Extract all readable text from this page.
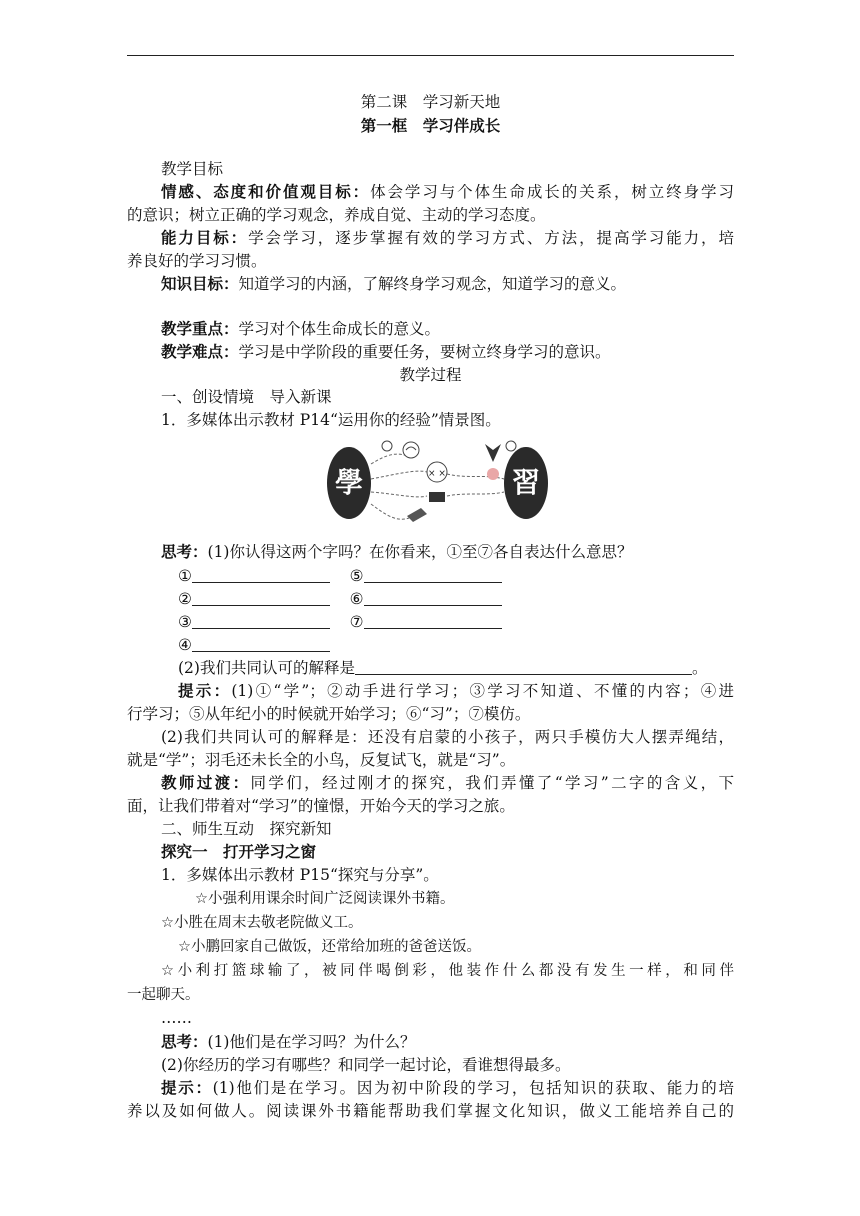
第二课　学习新天地
第一框　学习伴成长
教学目标
情感、态度和价值观目标：体会学习与个体生命成长的关系，树立终身学习
的意识；树立正确的学习观念，养成自觉、主动的学习态度。
能力目标：学会学习，逐步掌握有效的学习方式、方法，提高学习能力，培
养良好的学习习惯。
知识目标：知道学习的内涵，了解终身学习观念，知道学习的意义。
教学重点：学习对个体生命成长的意义。
教学难点：学习是中学阶段的重要任务，要树立终身学习的意识。
教学过程
一、创设情境　导入新课
1．多媒体出示教材 P14“运用你的经验”情景图。
學	習
× ×
思考：(1)你认得这两个字吗？在你看来，①至⑦各自表达什么意思？
①	⑤
②	⑥
③	⑦
④
(2)我们共同认可的解释是	。
提示：(1)①“学”；②动手进行学习；③学习不知道、不懂的内容；④进
行学习；⑤从年纪小的时候就开始学习；⑥“习”；⑦模仿。
(2)我们共同认可的解释是：还没有启蒙的小孩子，两只手模仿大人摆弄绳结，
就是“学”；羽毛还未长全的小鸟，反复试飞，就是“习”。
教师过渡：同学们，经过刚才的探究，我们弄懂了“学习”二字的含义，下
面，让我们带着对“学习”的憧憬，开始今天的学习之旅。
二、师生互动　探究新知
探究一　打开学习之窗
1．多媒体出示教材 P15“探究与分享”。
☆小强利用课余时间广泛阅读课外书籍。
☆小胜在周末去敬老院做义工。
☆小鹏回家自己做饭，还常给加班的爸爸送饭。
☆小利打篮球输了，被同伴喝倒彩，他装作什么都没有发生一样，和同伴
一起聊天。
……
思考：(1)他们是在学习吗？为什么？
(2)你经历的学习有哪些？和同学一起讨论，看谁想得最多。
提示：(1)他们是在学习。因为初中阶段的学习，包括知识的获取、能力的培
养以及如何做人。阅读课外书籍能帮助我们掌握文化知识，做义工能培养自己的
